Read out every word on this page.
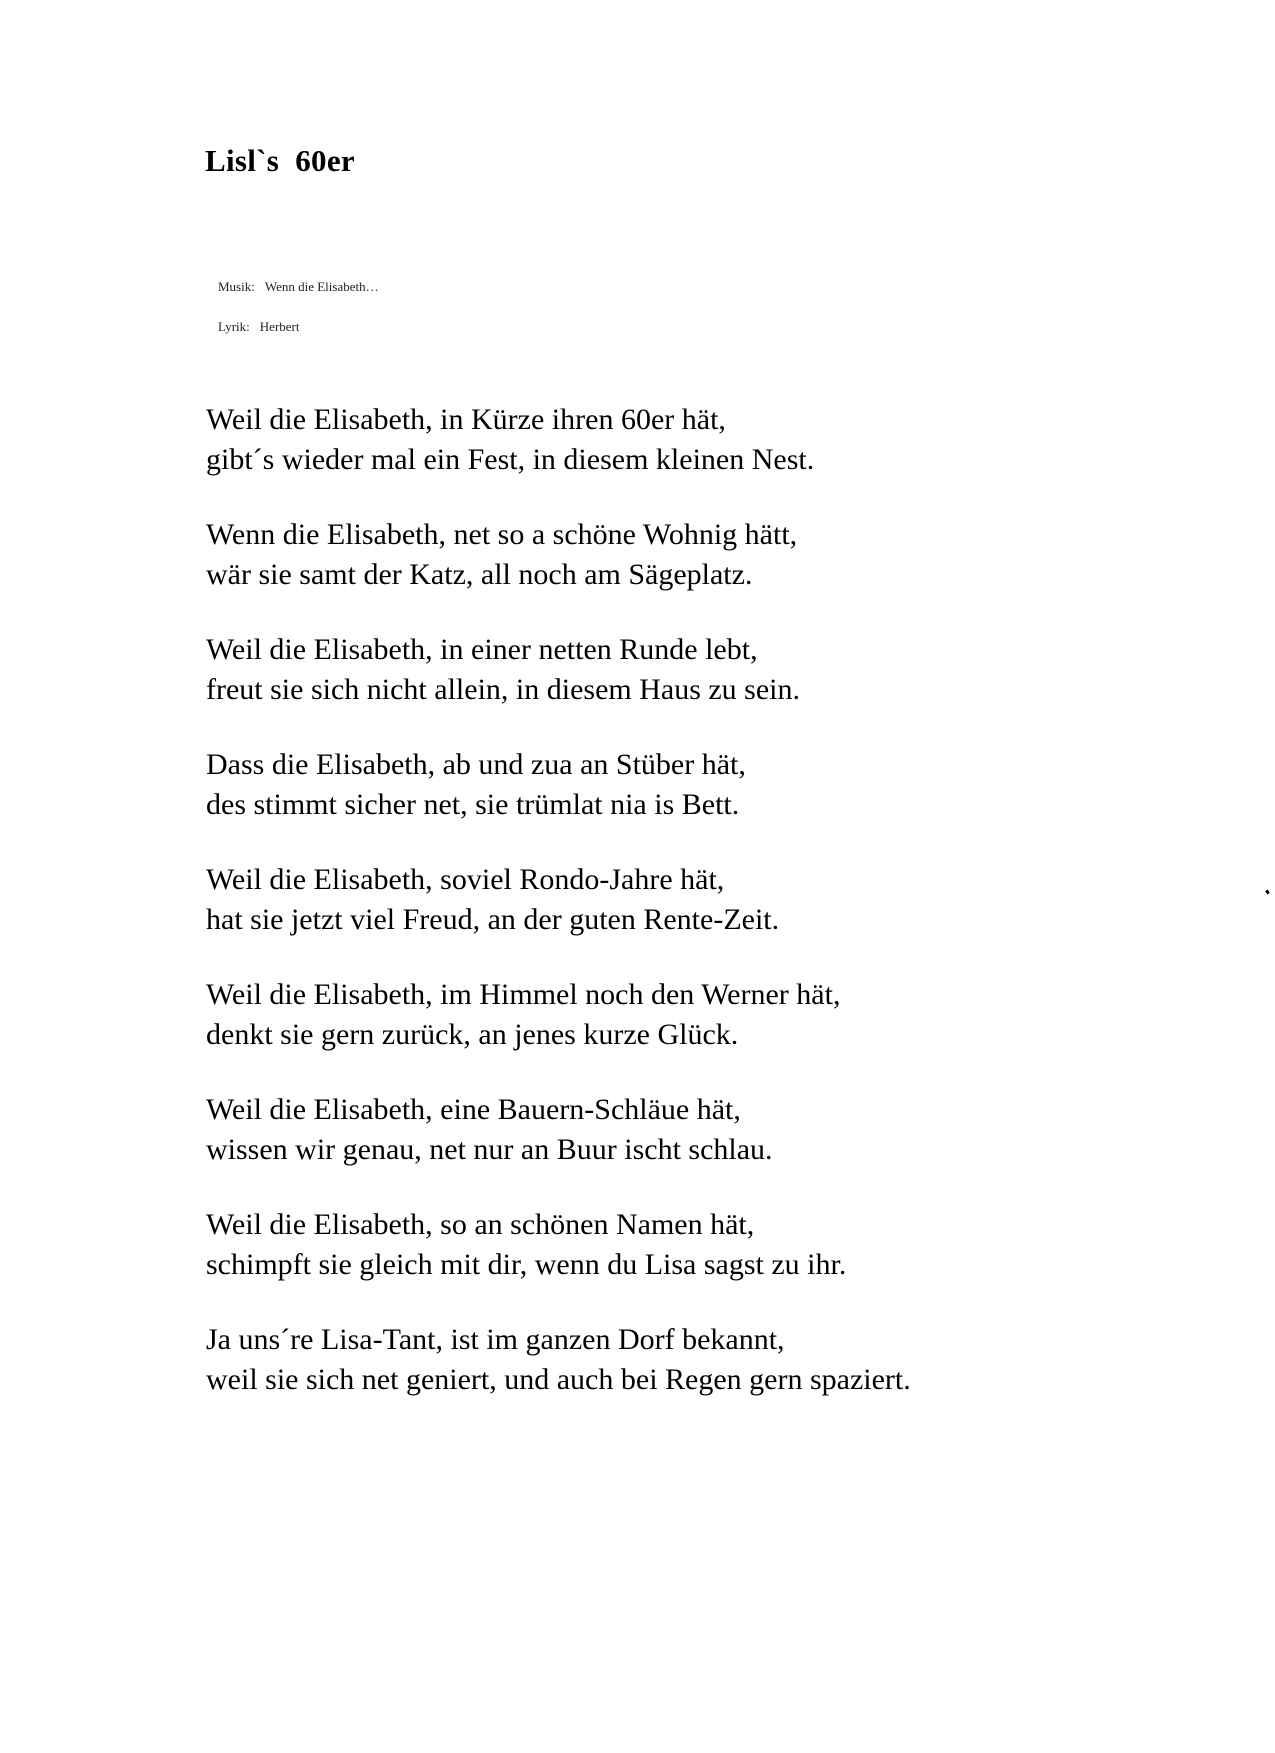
Lisl`s  60er

Musik: Wenn die Elisabeth…

Lyrik: Herbert

Weil die Elisabeth, in Kürze ihren 60er hät,
gibt´s wieder mal ein Fest, in diesem kleinen Nest.
Wenn die Elisabeth, net so a schöne Wohnig hätt,
wär sie samt der Katz, all noch am Sägeplatz.
Weil die Elisabeth, in einer netten Runde lebt,
freut sie sich nicht allein, in diesem Haus zu sein.
Dass die Elisabeth, ab und zua an Stüber hät,
des stimmt sicher net, sie trümlat nia is Bett.
Weil die Elisabeth, soviel Rondo-Jahre hät,
hat sie jetzt viel Freud, an der guten Rente-Zeit.
Weil die Elisabeth, im Himmel noch den Werner hät,
denkt sie gern zurück, an jenes kurze Glück.
Weil die Elisabeth, eine Bauern-Schläue hät,
wissen wir genau, net nur an Buur ischt schlau.
Weil die Elisabeth, so an schönen Namen hät,
schimpft sie gleich mit dir, wenn du Lisa sagst zu ihr.
Ja uns´re Lisa-Tant, ist im ganzen Dorf bekannt,
weil sie sich net geniert, und auch bei Regen gern spaziert.
